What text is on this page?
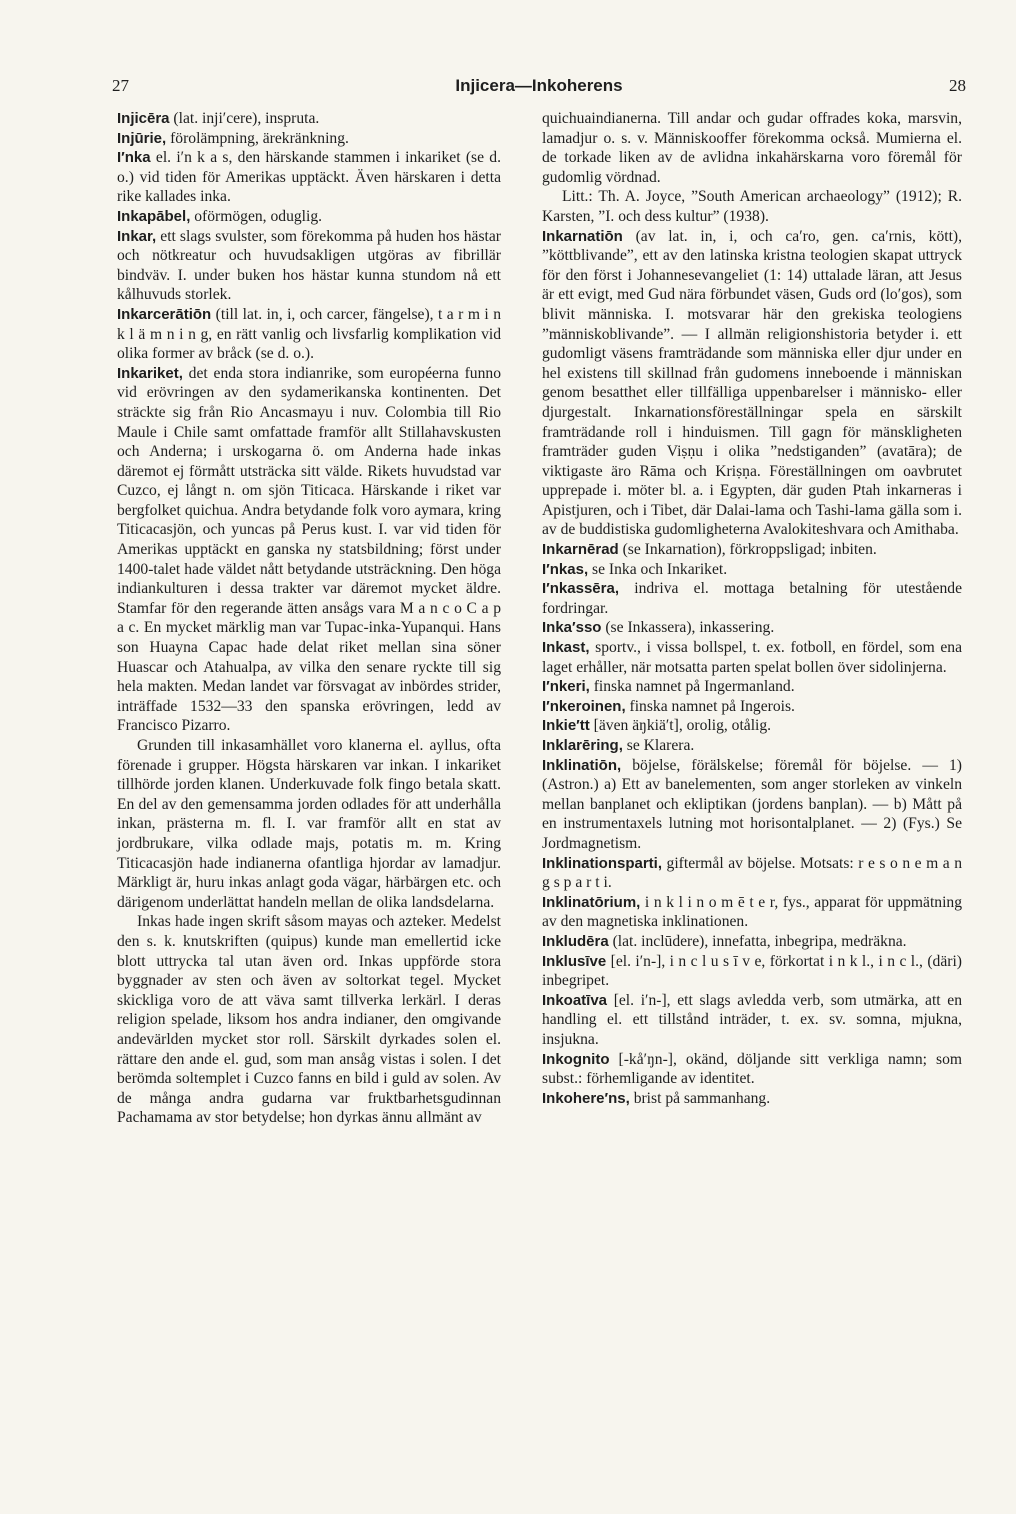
27	Injicera—Inkoherens	28

Injicēra (lat. inji′cere), inspruta.

Injūrie, förolämpning, ärekränkning.

I′nka el. i′n k a s, den härskande stammen i inkariket (se d. o.) vid tiden för Amerikas upptäckt. Även härskaren i detta rike kallades inka.

Inkapābel, oförmögen, oduglig.

Inkar, ett slags svulster, som förekomma på huden hos hästar och nötkreatur och huvudsakligen utgöras av fibrillär bindväv. I. under buken hos hästar kunna stundom nå ett kålhuvuds storlek.

Inkarcerātiōn (till lat. in, i, och carcer, fängelse), t a r m i n k l ä m n i n g, en rätt vanlig och livsfarlig komplikation vid olika former av bråck (se d. o.).

Inkariket, det enda stora indianrike, som européerna funno vid erövringen av den sydamerikanska kontinenten. Det sträckte sig från Rio Ancasmayu i nuv. Colombia till Rio Maule i Chile samt omfattade framför allt Stillahavskusten och Anderna; i urskogarna ö. om Anderna hade inkas däremot ej förmått utsträcka sitt välde. Rikets huvudstad var Cuzco, ej långt n. om sjön Titicaca. Härskande i riket var bergfolket quichua. Andra betydande folk voro aymara, kring Titicacasjön, och yuncas på Perus kust. I. var vid tiden för Amerikas upptäckt en ganska ny statsbildning; först under 1400-talet hade väldet nått betydande utsträckning. Den höga indiankulturen i dessa trakter var däremot mycket äldre. Stamfar för den regerande ätten ansågs vara M a n c o C a p a c. En mycket märklig man var Tupac-inka-Yupanqui. Hans son Huayna Capac hade delat riket mellan sina söner Huascar och Atahualpa, av vilka den senare ryckte till sig hela makten. Medan landet var försvagat av inbördes strider, inträffade 1532—33 den spanska erövringen, ledd av Francisco Pizarro.

Grunden till inkasamhället voro klanerna el. ayllus, ofta förenade i grupper. Högsta härskaren var inkan. I inkariket tillhörde jorden klanen. Underkuvade folk fingo betala skatt. En del av den gemensamma jorden odlades för att underhålla inkan, prästerna m. fl. I. var framför allt en stat av jordbrukare, vilka odlade majs, potatis m. m. Kring Titicacasjön hade indianerna ofantliga hjordar av lamadjur. Märkligt är, huru inkas anlagt goda vägar, härbärgen etc. och därigenom underlättat handeln mellan de olika landsdelarna.

Inkas hade ingen skrift såsom mayas och azteker. Medelst den s. k. knutskriften (quipus) kunde man emellertid icke blott uttrycka tal utan även ord. Inkas uppförde stora byggnader av sten och även av soltorkat tegel. Mycket skickliga voro de att väva samt tillverka lerkärl. I deras religion spelade, liksom hos andra indianer, den omgivande andevärlden mycket stor roll. Särskilt dyrkades solen el. rättare den ande el. gud, som man ansåg vistas i solen. I det berömda soltemplet i Cuzco fanns en bild i guld av solen. Av de många andra gudarna var fruktbarhetsgudinnan Pachamama av stor betydelse; hon dyrkas ännu allmänt av

quichuaindianerna. Till andar och gudar offrades koka, marsvin, lamadjur o. s. v. Människooffer förekomma också. Mumierna el. de torkade liken av de avlidna inkahärskarna voro föremål för gudomlig vördnad.

Litt.: Th. A. Joyce, ”South American archaeology” (1912); R. Karsten, ”I. och dess kultur” (1938).

Inkarnatiōn (av lat. in, i, och ca′ro, gen. ca′rnis, kött), ”köttblivande”, ett av den latinska kristna teologien skapat uttryck för den först i Johannesevangeliet (1: 14) uttalade läran, att Jesus är ett evigt, med Gud nära förbundet väsen, Guds ord (lo′gos), som blivit människa. I. motsvarar här den grekiska teologiens ”människoblivande”. — I allmän religionshistoria betyder i. ett gudomligt väsens framträdande som människa eller djur under en hel existens till skillnad från gudomens inneboende i människan genom besatthet eller tillfälliga uppenbarelser i människo- eller djurgestalt. Inkarnationsföreställningar spela en särskilt framträdande roll i hinduismen. Till gagn för mänskligheten framträder guden Viṣṇu i olika ”nedstiganden” (avatāra); de viktigaste äro Rāma och Kriṣṇa. Föreställningen om oavbrutet upprepade i. möter bl. a. i Egypten, där guden Ptah inkarneras i Apistjuren, och i Tibet, där Dalai-lama och Tashi-lama gälla som i. av de buddistiska gudomligheterna Avalokiteshvara och Amithaba.

Inkarnērad (se Inkarnation), förkroppsligad; inbiten.

I′nkas, se Inka och Inkariket.

I′nkassēra, indriva el. mottaga betalning för utestående fordringar.

Inka′sso (se Inkassera), inkassering.

Inkast, sportv., i vissa bollspel, t. ex. fotboll, en fördel, som ena laget erhåller, när motsatta parten spelat bollen över sidolinjerna.

I′nkeri, finska namnet på Ingermanland.

I′nkeroinen, finska namnet på Ingerois.

Inkie′tt [även äŋkiä′t], orolig, otålig.

Inklarēring, se Klarera.

Inklinatiōn, böjelse, förälskelse; föremål för böjelse. — 1) (Astron.) a) Ett av banelementen, som anger storleken av vinkeln mellan banplanet och ekliptikan (jordens banplan). — b) Mått på en instrumentaxels lutning mot horisontalplanet. — 2) (Fys.) Se Jordmagnetism.

Inklinationsparti, giftermål av böjelse. Motsats: r e s o n e m a n g s p a r t i.

Inklinatōrium, i n k l i n o m ē t e r, fys., apparat för uppmätning av den magnetiska inklinationen.

Inkludēra (lat. inclūdere), innefatta, inbegripa, medräkna.

Inklusīve [el. i′n-], i n c l u s ī v e, förkortat i n k l., i n c l., (däri) inbegripet.

Inkoatīva [el. i′n-], ett slags avledda verb, som utmärka, att en handling el. ett tillstånd inträder, t. ex. sv. somna, mjukna, insjukna.

Inkognito [-kå′ŋn-], okänd, döljande sitt verkliga namn; som subst.: förhemligande av identitet.

Inkohere′ns, brist på sammanhang.
